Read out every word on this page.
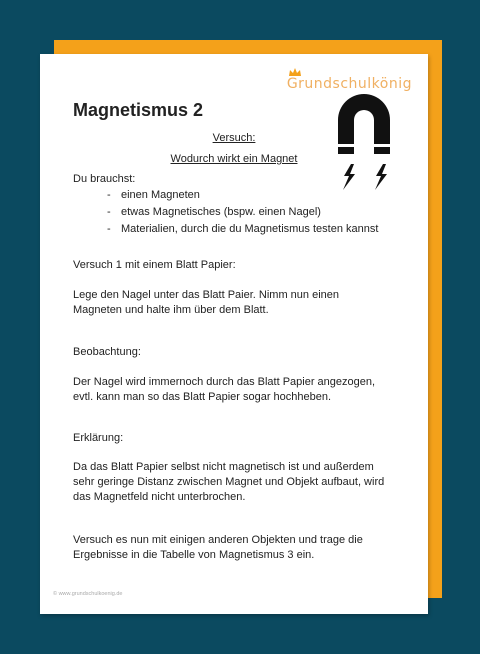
Grundschulkönig
Magnetismus 2
Versuch:
Wodurch wirkt ein Magnet
Du brauchst:
- einen Magneten
- etwas Magnetisches (bspw. einen Nagel)
- Materialien, durch die du Magnetismus testen kannst
Versuch 1 mit einem Blatt Papier:
Lege den Nagel unter das Blatt Paier. Nimm nun einen
Magneten und halte ihm über dem Blatt.
Beobachtung:
Der Nagel wird immernoch durch das Blatt Papier angezogen,
evtl. kann man so das Blatt Papier sogar hochheben.
Erklärung:
Da das Blatt Papier selbst nicht magnetisch ist und außerdem
sehr geringe Distanz zwischen Magnet und Objekt aufbaut, wird
das Magnetfeld nicht unterbrochen.
Versuch es nun mit einigen anderen Objekten und trage die
Ergebnisse in die Tabelle von Magnetismus 3 ein.
© www.grundschulkoenig.de
